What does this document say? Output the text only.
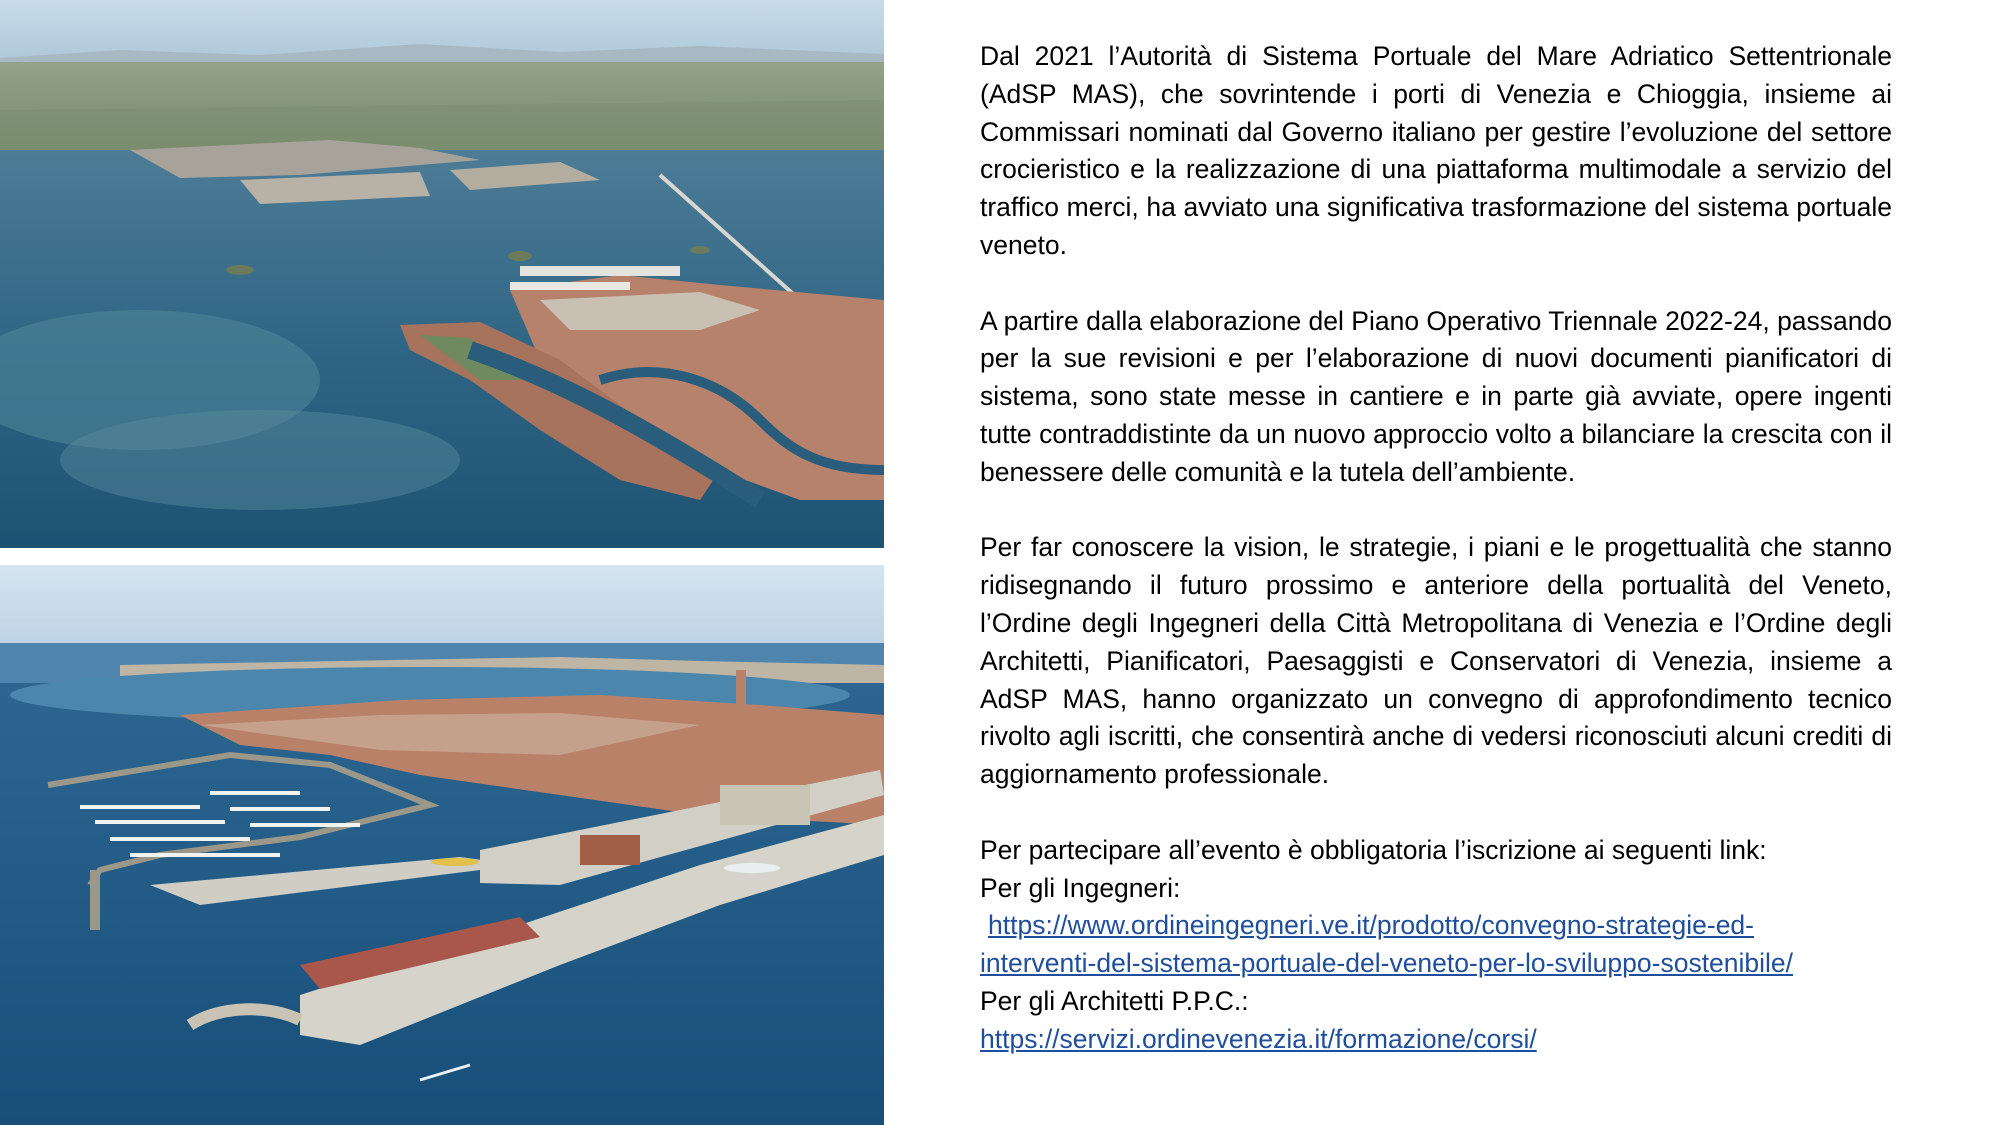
Dal 2021 l’Autorità di Sistema Portuale del Mare Adriatico Settentrionale (AdSP MAS), che sovrintende i porti di Venezia e Chioggia, insieme ai Commissari nominati dal Governo italiano per gestire l’evoluzione del settore crocieristico e la realizzazione di una piattaforma multimodale a servizio del traffico merci, ha avviato una significativa trasformazione del sistema portuale veneto.

A partire dalla elaborazione del Piano Operativo Triennale 2022-24, passando per la sue revisioni e per l’elaborazione di nuovi documenti pianificatori di sistema, sono state messe in cantiere e in parte già avviate, opere ingenti tutte contraddistinte da un nuovo approccio volto a bilanciare la crescita con il benessere delle comunità e la tutela dell’ambiente.

Per far conoscere la vision, le strategie, i piani e le progettualità che stanno ridisegnando il futuro prossimo e anteriore della portualità del Veneto, l’Ordine degli Ingegneri della Città Metropolitana di Venezia e l’Ordine degli Architetti, Pianificatori, Paesaggisti e Conservatori di Venezia, insieme a AdSP MAS, hanno organizzato un convegno di approfondimento tecnico rivolto agli iscritti, che consentirà anche di vedersi riconosciuti alcuni crediti di aggiornamento professionale.

Per partecipare all’evento è obbligatoria l’iscrizione ai seguenti link:
Per gli Ingegneri:
https://www.ordineingegneri.ve.it/prodotto/convegno-strategie-ed-
interventi-del-sistema-portuale-del-veneto-per-lo-sviluppo-sostenibile/
Per gli Architetti P.P.C.:
https://servizi.ordinevenezia.it/formazione/corsi/
